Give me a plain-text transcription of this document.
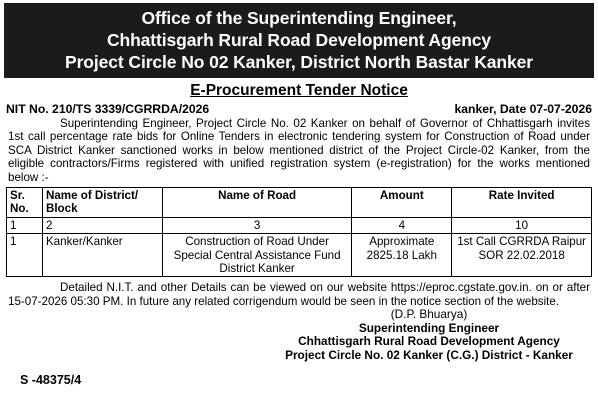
Office of the Superintending Engineer,
Chhattisgarh Rural Road Development Agency
Project Circle No 02 Kanker, District North Bastar Kanker
E-Procurement Tender Notice
NIT No. 210/TS 3339/CGRRDA/2026	kanker, Date 07-07-2026

Superintending Engineer, Project Circle No. 02 Kanker on behalf of Governor of Chhattisgarh invites 1st call percentage rate bids for Online Tenders in electronic tendering system for Construction of Road under SCA District Kanker sanctioned works in below mentioned district of the Project Circle-02 Kanker, from the eligible contractors/Firms registered with unified registration system (e-registration) for the works mentioned below :-

Sr. No.	Name of District/ Block	Name of Road	Amount	Rate Invited
1	2	3	4	10
1	Kanker/Kanker	Construction of Road Under Special Central Assistance Fund District Kanker	Approximate 2825.18 Lakh	1st Call CGRRDA Raipur SOR 22.02.2018

Detailed N.I.T. and other Details can be viewed on our website https://eproc.cgstate.gov.in. on or after 15-07-2026 05:30 PM. In future any related corrigendum would be seen in the notice section of the website.

(D.P. Bhuarya)
Superintending Engineer
Chhattisgarh Rural Road Development Agency
Project Circle No. 02 Kanker (C.G.) District - Kanker
S -48375/4
